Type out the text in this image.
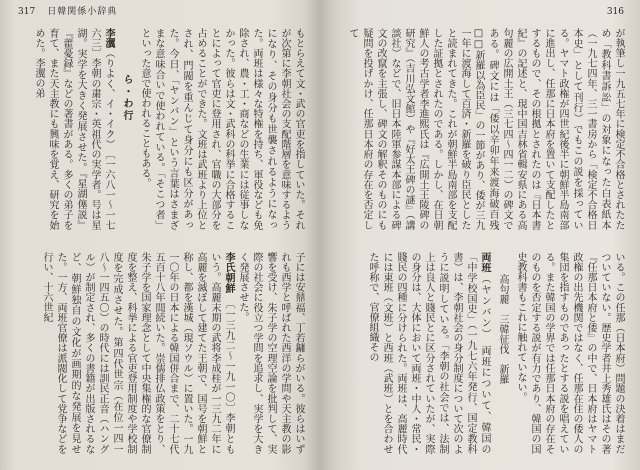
317 日韓関係小辞典

もとらえて文・武の官吏を指していた。それが次第に李朝社会の支配階層を意味するようになり、その身分も世襲されるようになった。両班は様々な特権を持ち、軍役なども免除され、農・工・商などの生業には従事しなかった。彼らは文・武科の科挙に合格することによって官吏に登用され、官職の大部分を占めることができた。文班は武班より上位とされ、門閥を重んじて身分にも区分があった。今日、「ヤンバン」という言葉はさまざまな意味合いで使われている。「そこつ者」といった意で使われることもある。

ら・わ行

李瀷（りよく、イ・イク）　〔一六八一〜一七六三〕李朝の粛宗・英祖代の実学者。号は星湖。実学を大きく発展させた。『星湖僿説』『藿憂録』などの著書がある。多くの弟子を育て、また天主教にも興味を覚え、研究を始めた。李瀷の弟

子には安鼎福、丁若鏞らがいる。彼らはいずれも西学と呼ばれた西洋の学問や天主教の影響を受け、朱子学の空理空論を批判して、実際の社会に役立つ学問を追求し、実学を大きく発展させた。

李氏朝鮮　〔一三九二〜一九一〇〕李朝ともいう。高麗末期の武将李成桂が一三九二年に高麗を滅ぼして建てた王朝で、国号を朝鮮と称し、都を漢城（現ソウル）に置いた。一九一〇年の日本による韓国併合まで、二十七代五百十八年間続いた。崇儒排仏政策をとり、朱子学を国家理念として中央集権的な官僚制度を整え、科挙による官吏登用制度や学校制度を完成させた。第四代世宗（在位一四一八〜一四五〇）の時代には訓民正音（ハングル）が制定され、多くの書籍が出版されるなど、朝鮮独自の文化が画期的な発展を見せた。一方、両班官僚は派閥化して党争などを行い、十六世紀

316

が執筆し一九五七年に検定不合格とされたため「教科書訴訟」の対象になった白表紙本（一九七四年、三一書房から「検定不合格日本史」として刊行）でもこの説を採っている。ヤマト政権が四世紀後半に朝鮮半島南部に進出し、任那に日本府を置いて支配したとするもので、その根拠とされたのは『日本書紀』の記述と、現中国吉林省輯安県にある高句麗の広開土王（三七四〜四一二）の碑文である。碑文には「倭以辛卯年来渡海破百残□□新羅以為臣民」の一節があり、倭が三九一年に渡海して百済・新羅を破り臣民としたと読まれてきた。これが朝鮮半島南部を支配した証拠とされたのである。しかし、在日朝鮮人の考古学者李進熙氏は『広開土王陵碑の研究』（吉川弘文館）や『好太王碑の謎』（講談社）などで、旧日本陸軍参謀本部による碑文の改竄を主張し、碑文の解釈そのものにも疑問を投げかけ、任那日本府の存在を否定して

いる。この任那（日本府）問題の決着はまだついていない。歴史学者井上秀雄氏はその著『任那日本府と倭』の中で、日本府はヤマト政権の出先機関ではなく、任那在住の倭人の集団を指すものであったとする説を唱えている。また韓国の学界では任那日本府の存在そのものを否定する説が有力であり、韓国の国史教科書もこれに触れていない。

高句麗　三韓征伐　新羅

両班（ヤンバン）　両班について、韓国の「中学校国史」（一九七六年発行、国定教科書）は、李朝社会の身分制度について次のように説明している。「李朝の社会では、法制上は良人と賤民とに区分されていたが、実際の身分は、大体において両班・中人・常民・賤民の四種に分けられた。両班は、高麗時代には東班（文班）と西班（武班）とを合わせた呼称で、官僚組織その
